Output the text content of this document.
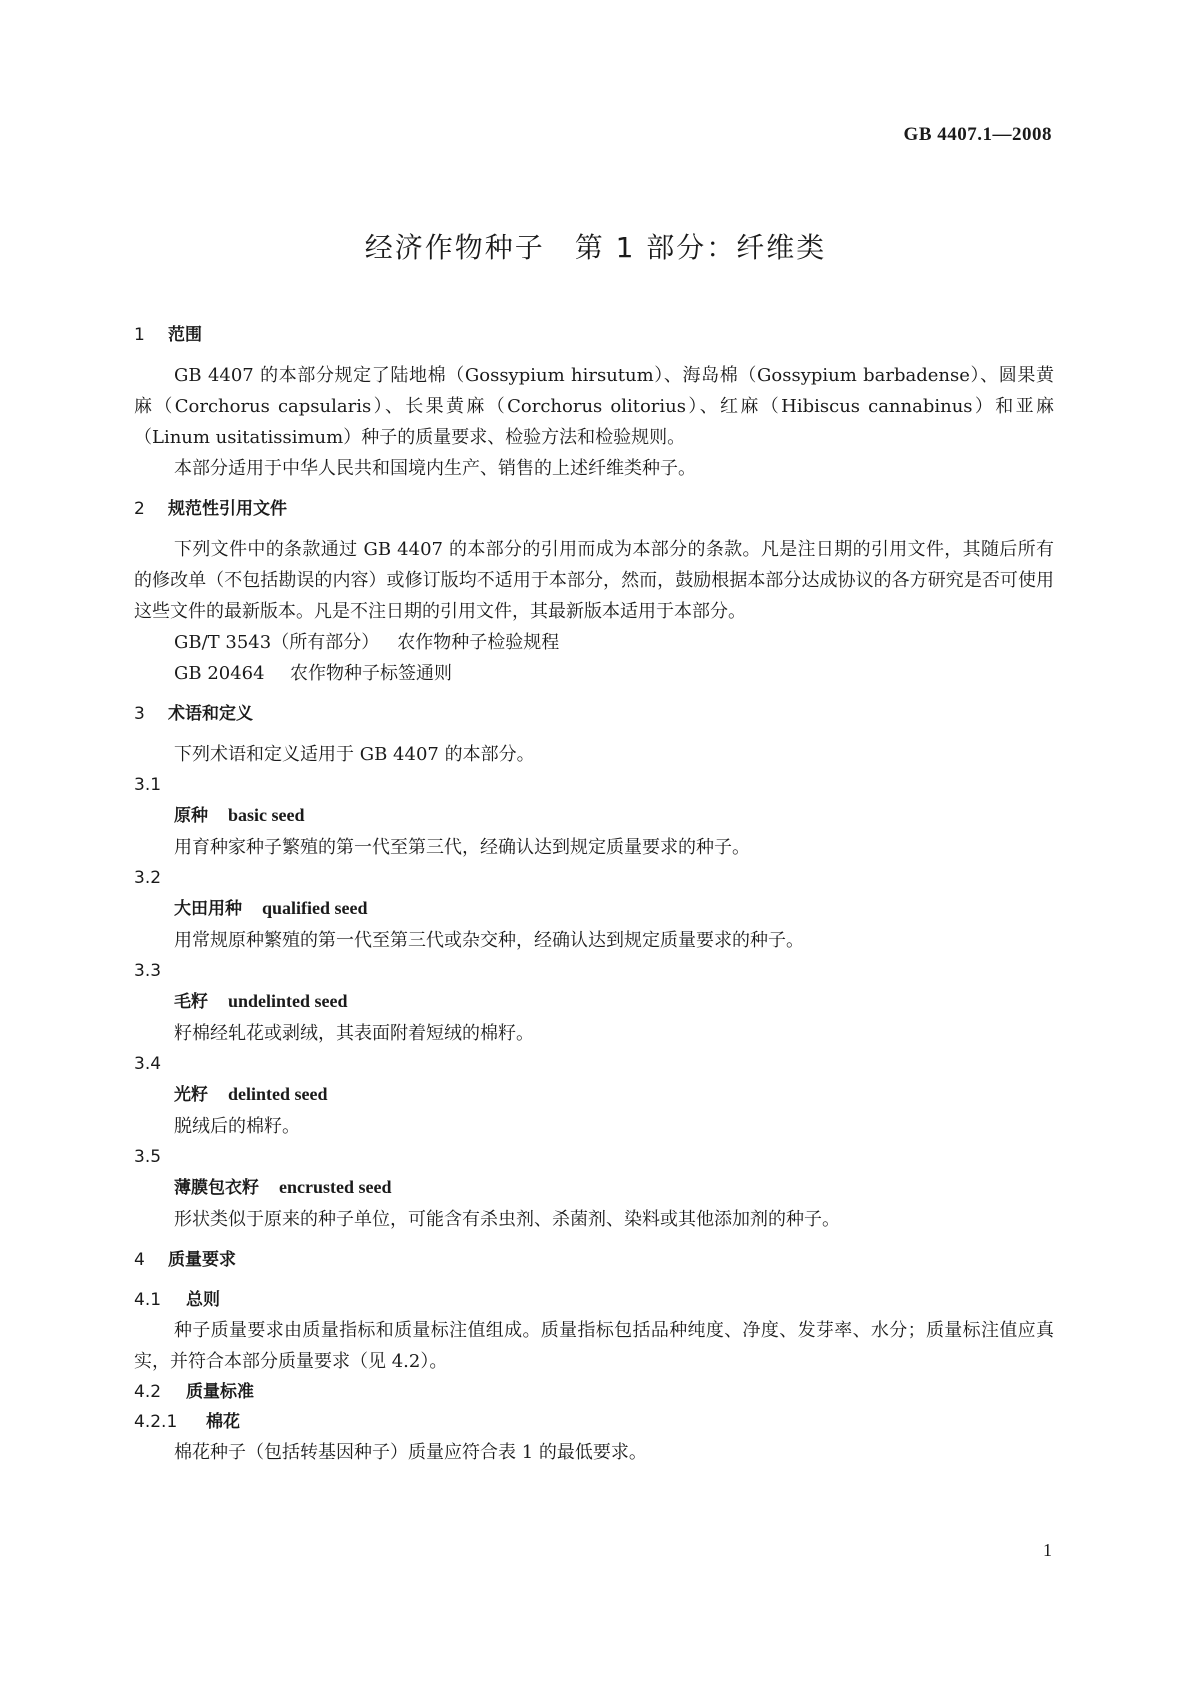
GB 4407.1—2008
经济作物种子　第 1 部分：纤维类
1 范围
GB 4407 的本部分规定了陆地棉（Gossypium hirsutum）、海岛棉（Gossypium barbadense）、圆果黄麻（Corchorus capsularis）、长果黄麻（Corchorus olitorius）、红麻（Hibiscus cannabinus）和亚麻（Linum usitatissimum）种子的质量要求、检验方法和检验规则。
本部分适用于中华人民共和国境内生产、销售的上述纤维类种子。
2 规范性引用文件
下列文件中的条款通过 GB 4407 的本部分的引用而成为本部分的条款。凡是注日期的引用文件，其随后所有的修改单（不包括勘误的内容）或修订版均不适用于本部分，然而，鼓励根据本部分达成协议的各方研究是否可使用这些文件的最新版本。凡是不注日期的引用文件，其最新版本适用于本部分。
GB/T 3543（所有部分）　 农作物种子检验规程
GB 20464　 农作物种子标签通则
3 术语和定义
下列术语和定义适用于 GB 4407 的本部分。
3.1
原种 basic seed
用育种家种子繁殖的第一代至第三代，经确认达到规定质量要求的种子。
3.2
大田用种 qualified seed
用常规原种繁殖的第一代至第三代或杂交种，经确认达到规定质量要求的种子。
3.3
毛籽 undelinted seed
籽棉经轧花或剥绒，其表面附着短绒的棉籽。
3.4
光籽 delinted seed
脱绒后的棉籽。
3.5
薄膜包衣籽 encrusted seed
形状类似于原来的种子单位，可能含有杀虫剂、杀菌剂、染料或其他添加剂的种子。
4 质量要求
4.1 总则
种子质量要求由质量指标和质量标注值组成。质量指标包括品种纯度、净度、发芽率、水分；质量标注值应真实，并符合本部分质量要求（见 4.2）。
4.2 质量标准
4.2.1 棉花
棉花种子（包括转基因种子）质量应符合表 1 的最低要求。
1
